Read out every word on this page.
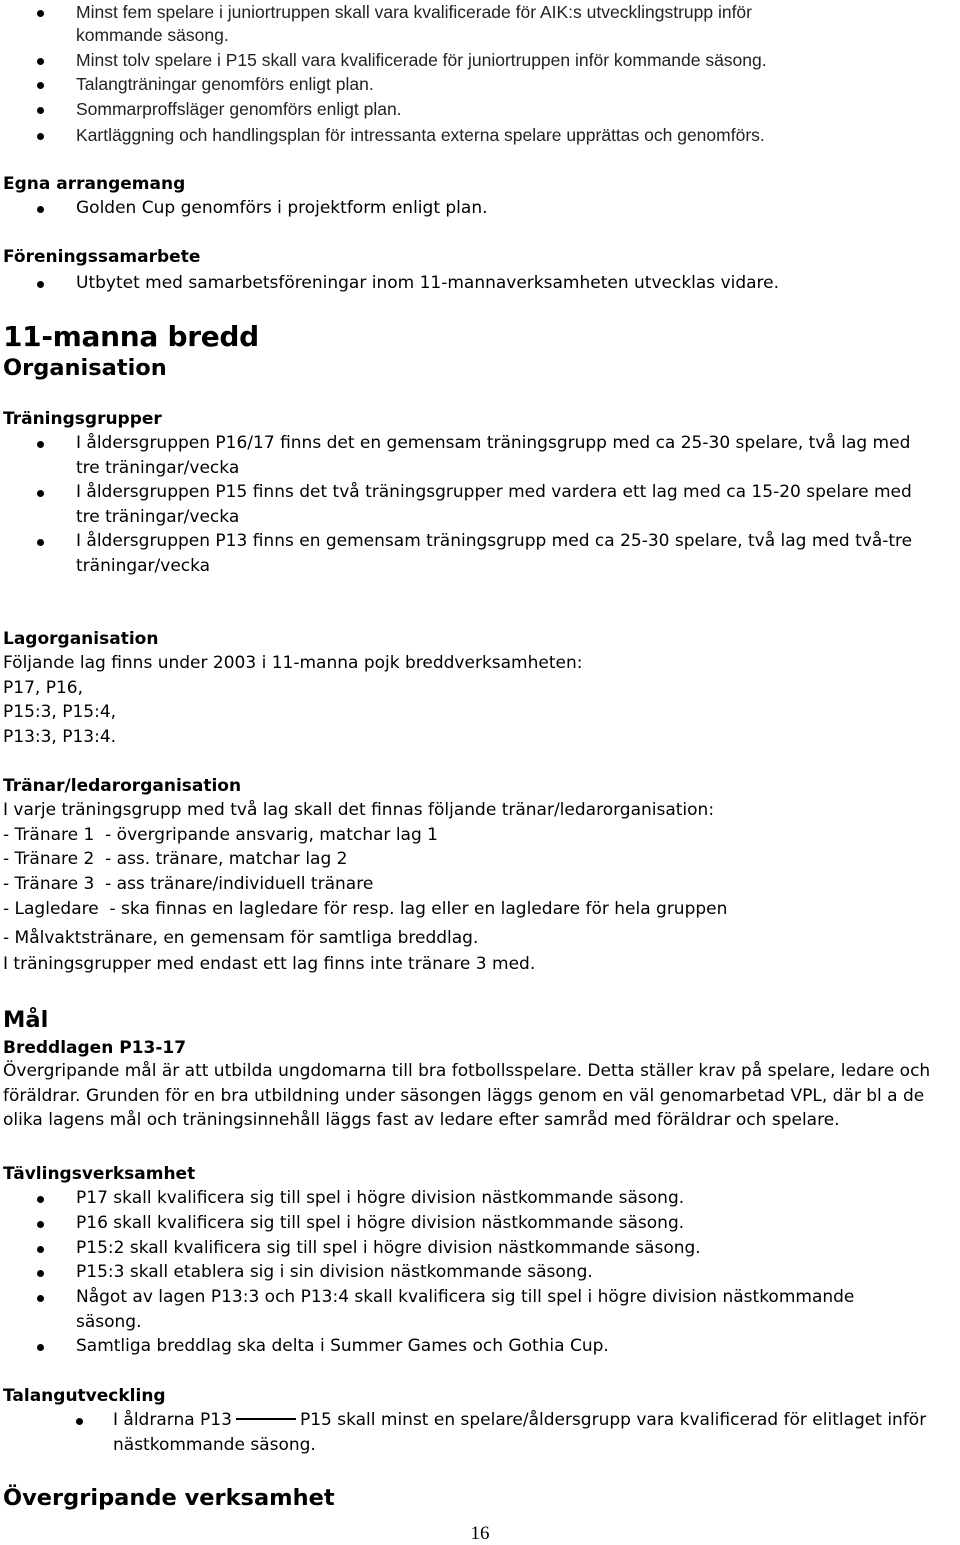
Minst fem spelare i juniortruppen skall vara kvalificerade för AIK:s utvecklingstrupp inför
kommande säsong.
Minst tolv spelare i P15 skall vara kvalificerade för juniortruppen inför kommande säsong.
Talangträningar genomförs enligt plan.
Sommarproffsläger genomförs enligt plan.
Kartläggning och handlingsplan för intressanta externa spelare upprättas och genomförs.
Egna arrangemang
Golden Cup genomförs i projektform enligt plan.
Föreningssamarbete
Utbytet med samarbetsföreningar inom 11-mannaverksamheten utvecklas vidare.
11-manna bredd
Organisation
Träningsgrupper
I åldersgruppen P16/17 finns det en gemensam träningsgrupp med ca 25-30 spelare, två lag med
tre träningar/vecka
I åldersgruppen P15 finns det två träningsgrupper med vardera ett lag med ca 15-20 spelare med
tre träningar/vecka
I åldersgruppen P13 finns en gemensam träningsgrupp med ca 25-30 spelare, två lag med två-tre
träningar/vecka
Lagorganisation
Följande lag finns under 2003 i 11-manna pojk breddverksamheten:
P17, P16,
P15:3, P15:4,
P13:3, P13:4.
Tränar/ledarorganisation
I varje träningsgrupp med två lag skall det finnas följande tränar/ledarorganisation:
- Tränare 1  - övergripande ansvarig, matchar lag 1
- Tränare 2  - ass. tränare, matchar lag 2
- Tränare 3  - ass tränare/individuell tränare
- Lagledare  - ska finnas en lagledare för resp. lag eller en lagledare för hela gruppen
- Målvaktstränare, en gemensam för samtliga breddlag.
I träningsgrupper med endast ett lag finns inte tränare 3 med.
Mål
Breddlagen P13-17
Övergripande mål är att utbilda ungdomarna till bra fotbollsspelare. Detta ställer krav på spelare, ledare och föräldrar. Grunden för en bra utbildning under säsongen läggs genom en väl genomarbetad VPL, där bl a de olika lagens mål och träningsinnehåll läggs fast av ledare efter samråd med föräldrar och spelare.
Tävlingsverksamhet
P17 skall kvalificera sig till spel i högre division nästkommande säsong.
P16 skall kvalificera sig till spel i högre division nästkommande säsong.
P15:2 skall kvalificera sig till spel i högre division nästkommande säsong.
P15:3 skall etablera sig i sin division nästkommande säsong.
Något av lagen P13:3 och P13:4 skall kvalificera sig till spel i högre division nästkommande
säsong.
Samtliga breddlag ska delta i Summer Games och Gothia Cup.
Talangutveckling
I åldrarna P13	P15 skall minst en spelare/åldersgrupp vara kvalificerad för elitlaget inför
nästkommande säsong.
Övergripande verksamhet
16
